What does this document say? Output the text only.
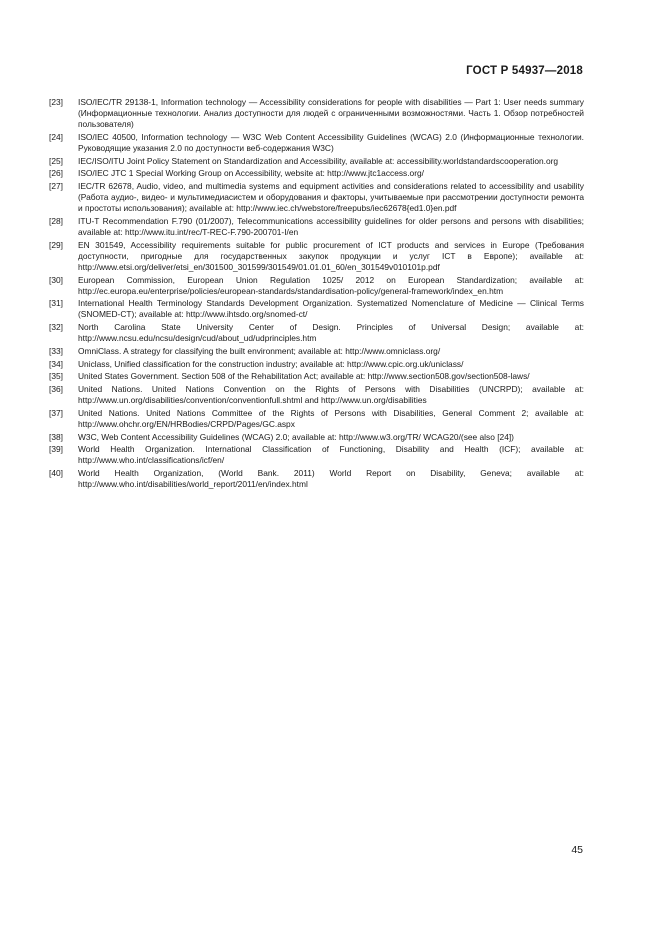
ГОСТ Р 54937—2018
[23]	ISO/IEC/TR 29138-1, Information technology — Accessibility considerations for people with disabilities — Part 1: User needs summary (Информационные технологии. Анализ доступности для людей с ограниченными возможностями. Часть 1. Обзор потребностей пользователя)
[24]	ISO/IEC 40500, Information technology — W3C Web Content Accessibility Guidelines (WCAG) 2.0 (Информационные технологии. Руководящие указания 2.0 по доступности веб-содержания W3C)
[25]	IEC/ISO/ITU Joint Policy Statement on Standardization and Accessibility, available at: accessibility.worldstandardscooperation.org
[26]	ISO/IEC JTC 1 Special Working Group on Accessibility, website at: http://www.jtc1access.org/
[27]	IEC/TR 62678, Audio, video, and multimedia systems and equipment activities and considerations related to accessibility and usability (Работа аудио-, видео- и мультимедиасистем и оборудования и факторы, учитываемые при рассмотрении доступности ремонта и простоты использования); available at: http://www.iec.ch/webstore/freepubs/iec62678{ed1.0}en.pdf
[28]	ITU-T Recommendation F.790 (01/2007), Telecommunications accessibility guidelines for older persons and persons with disabilities; available at: http://www.itu.int/rec/T-REC-F.790-200701-I/en
[29]	EN 301549, Accessibility requirements suitable for public procurement of ICT products and services in Europe (Требования доступности, пригодные для государственных закупок продукции и услуг ICT в Европе); available at: http://www.etsi.org/deliver/etsi_en/301500_301599/301549/01.01.01_60/en_301549v010101p.pdf
[30]	European Commission, European Union Regulation 1025/ 2012 on European Standardization; available at: http://ec.europa.eu/enterprise/policies/european-standards/standardisation-policy/general-framework/index_en.htm
[31]	International Health Terminology Standards Development Organization. Systematized Nomenclature of Medicine — Clinical Terms (SNOMED-CT); available at: http://www.ihtsdo.org/snomed-ct/
[32]	North Carolina State University Center of Design. Principles of Universal Design; available at: http://www.ncsu.edu/ncsu/design/cud/about_ud/udprinciples.htm
[33]	OmniClass. A strategy for classifying the built environment; available at: http://www.omniclass.org/
[34]	Uniclass, Unified classification for the construction industry; available at: http://www.cpic.org.uk/uniclass/
[35]	United States Government. Section 508 of the Rehabilitation Act; available at: http://www.section508.gov/section508-laws/
[36]	United Nations. United Nations Convention on the Rights of Persons with Disabilities (UNCRPD); available at: http://www.un.org/disabilities/convention/conventionfull.shtml and http://www.un.org/disabilities
[37]	United Nations. United Nations Committee of the Rights of Persons with Disabilities, General Comment 2; available at: http://www.ohchr.org/EN/HRBodies/CRPD/Pages/GC.aspx
[38]	W3C, Web Content Accessibility Guidelines (WCAG) 2.0; available at: http://www.w3.org/TR/ WCAG20/(see also [24])
[39]	World Health Organization. International Classification of Functioning, Disability and Health (ICF); available at: http://www.who.int/classifications/icf/en/
[40]	World Health Organization, (World Bank. 2011) World Report on Disability, Geneva; available at: http://www.who.int/disabilities/world_report/2011/en/index.html
45
